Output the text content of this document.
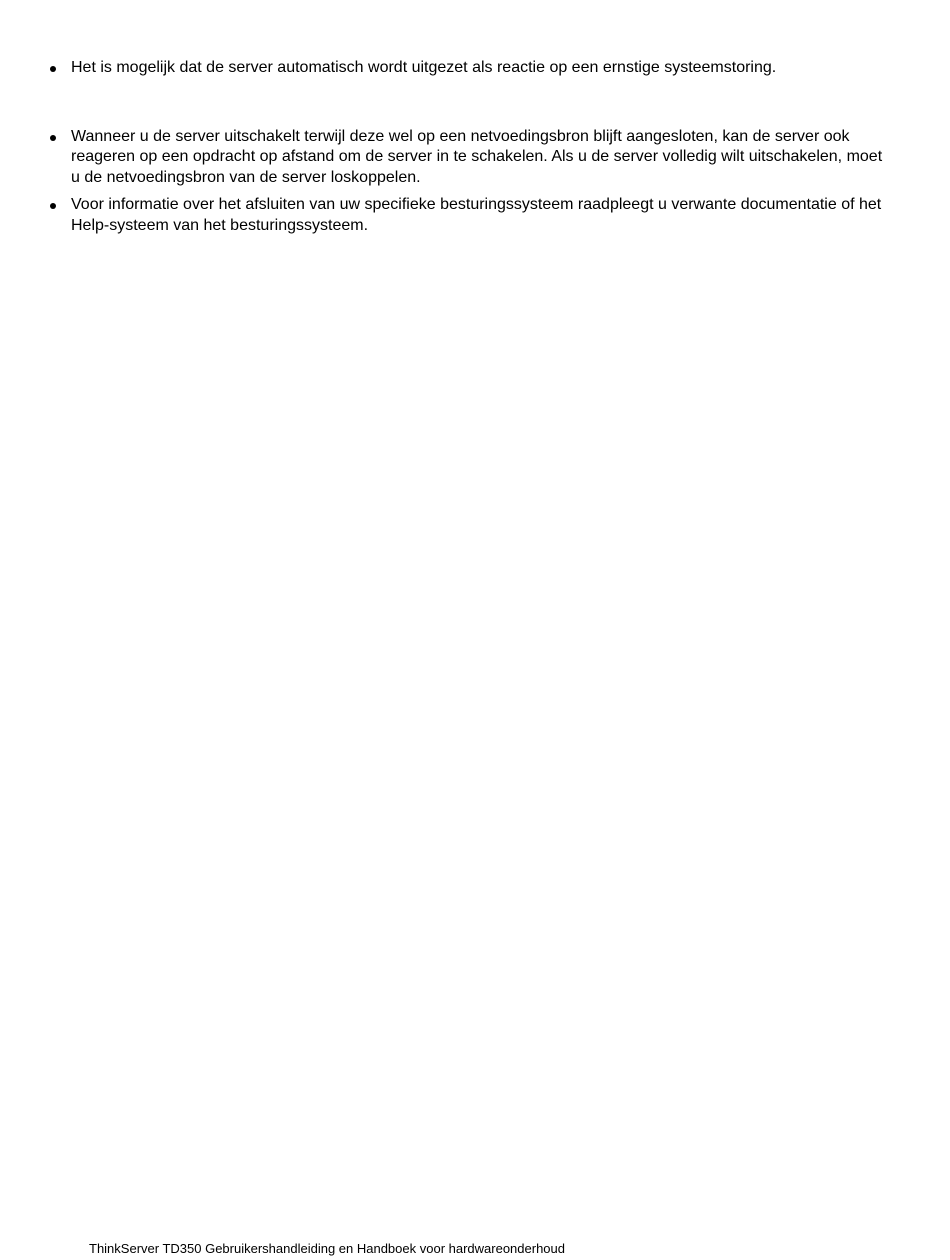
Het is mogelijk dat de server automatisch wordt uitgezet als reactie op een ernstige systeemstoring.
Wanneer u de server uitschakelt terwijl deze wel op een netvoedingsbron blijft aangesloten, kan de server ook reageren op een opdracht op afstand om de server in te schakelen. Als u de server volledig wilt uitschakelen, moet u de netvoedingsbron van de server loskoppelen.
Voor informatie over het afsluiten van uw specifieke besturingssysteem raadpleegt u verwante documentatie of het Help-systeem van het besturingssysteem.
ThinkServer TD350 Gebruikershandleiding en Handboek voor hardwareonderhoud
